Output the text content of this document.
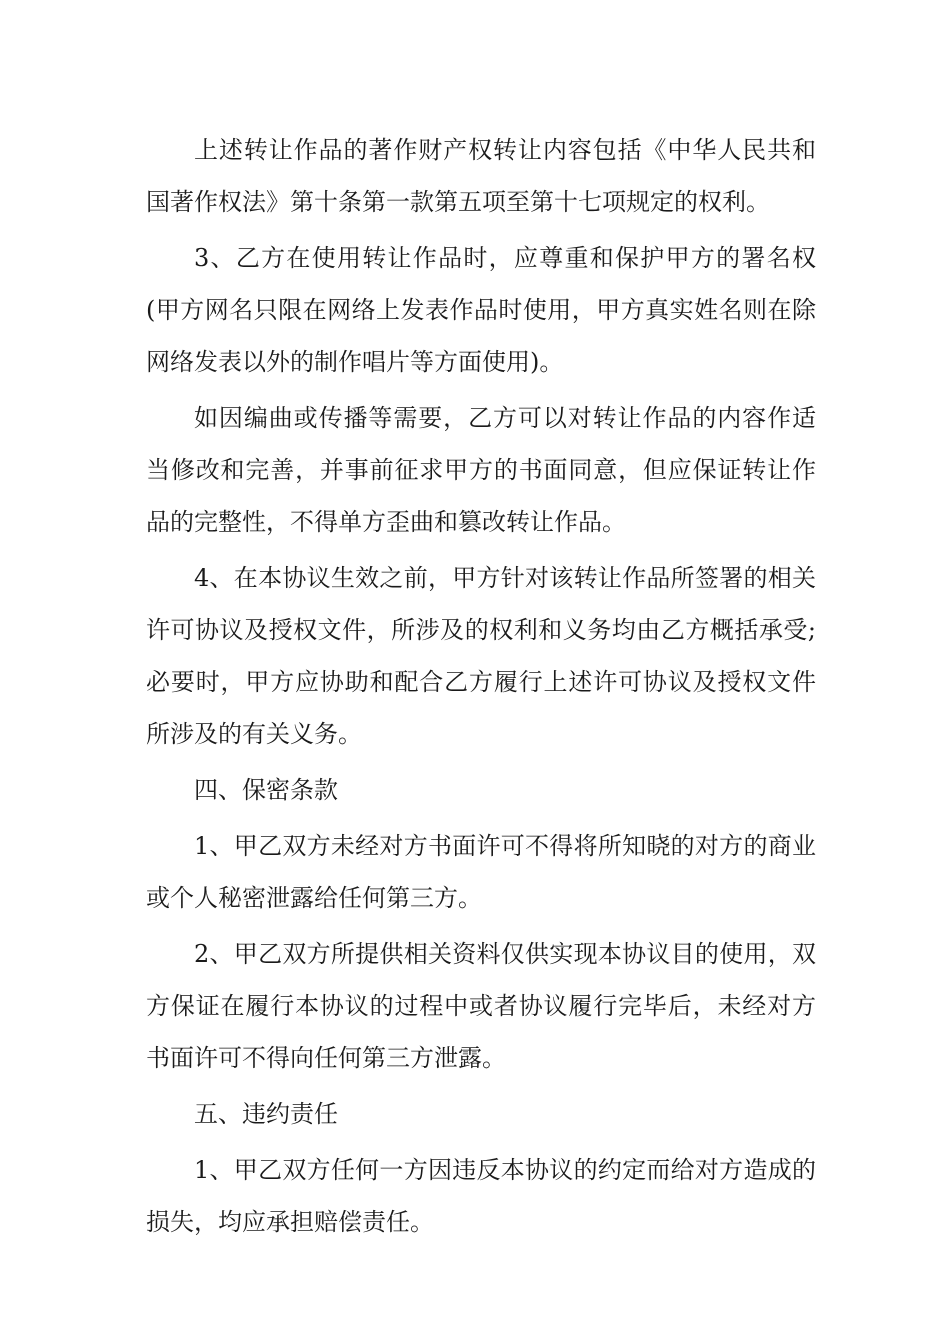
上述转让作品的著作财产权转让内容包括《中华人民共和国著作权法》第十条第一款第五项至第十七项规定的权利。

3、乙方在使用转让作品时，应尊重和保护甲方的署名权(甲方网名只限在网络上发表作品时使用，甲方真实姓名则在除网络发表以外的制作唱片等方面使用)。

如因编曲或传播等需要，乙方可以对转让作品的内容作适当修改和完善，并事前征求甲方的书面同意，但应保证转让作品的完整性，不得单方歪曲和篡改转让作品。

4、在本协议生效之前，甲方针对该转让作品所签署的相关许可协议及授权文件，所涉及的权利和义务均由乙方概括承受;必要时，甲方应协助和配合乙方履行上述许可协议及授权文件所涉及的有关义务。

四、保密条款

1、甲乙双方未经对方书面许可不得将所知晓的对方的商业或个人秘密泄露给任何第三方。

2、甲乙双方所提供相关资料仅供实现本协议目的使用，双方保证在履行本协议的过程中或者协议履行完毕后，未经对方书面许可不得向任何第三方泄露。

五、违约责任

1、甲乙双方任何一方因违反本协议的约定而给对方造成的损失，均应承担赔偿责任。
